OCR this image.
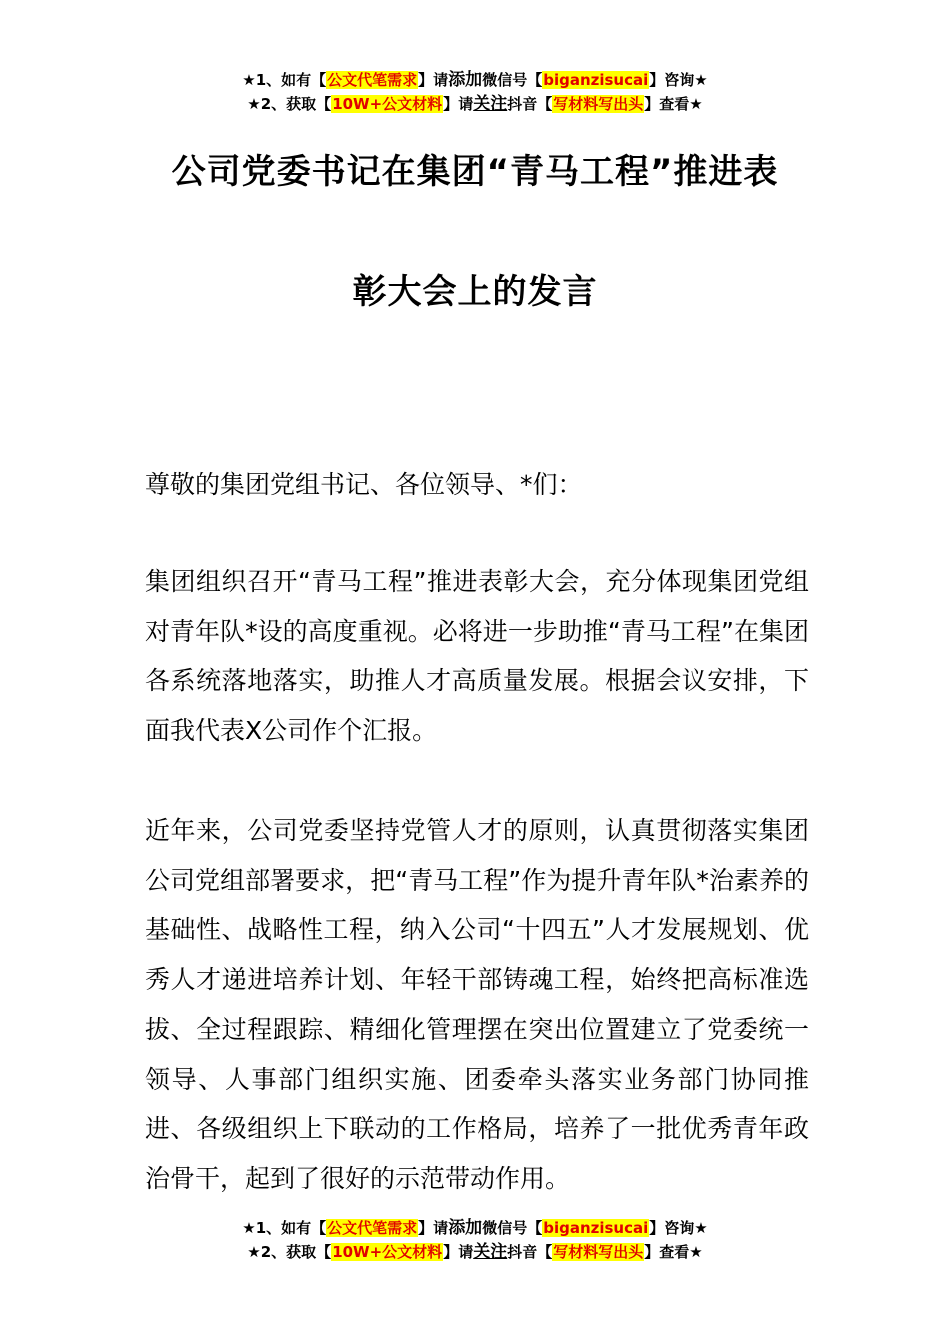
★1、如有【公文代笔需求】请添加微信号【biganzisucai】咨询★
★2、获取【10W+公文材料】请关注抖音【写材料写出头】查看★
公司党委书记在集团“青马工程”推进表
彰大会上的发言

尊敬的集团党组书记、各位领导、*们：

集团组织召开“青马工程”推进表彰大会，充分体现集团党组对青年队*设的高度重视。必将进一步助推“青马工程”在集团各系统落地落实，助推人才高质量发展。根据会议安排，下面我代表X公司作个汇报。

近年来，公司党委坚持党管人才的原则，认真贯彻落实集团公司党组部署要求，把“青马工程”作为提升青年队*治素养的基础性、战略性工程，纳入公司“十四五”人才发展规划、优秀人才递进培养计划、年轻干部铸魂工程，始终把高标准选拔、全过程跟踪、精细化管理摆在突出位置建立了党委统一领导、人事部门组织实施、团委牵头落实业务部门协同推进、各级组织上下联动的工作格局，培养了一批优秀青年政治骨干，起到了很好的示范带动作用。

★1、如有【公文代笔需求】请添加微信号【biganzisucai】咨询★
★2、获取【10W+公文材料】请关注抖音【写材料写出头】查看★
